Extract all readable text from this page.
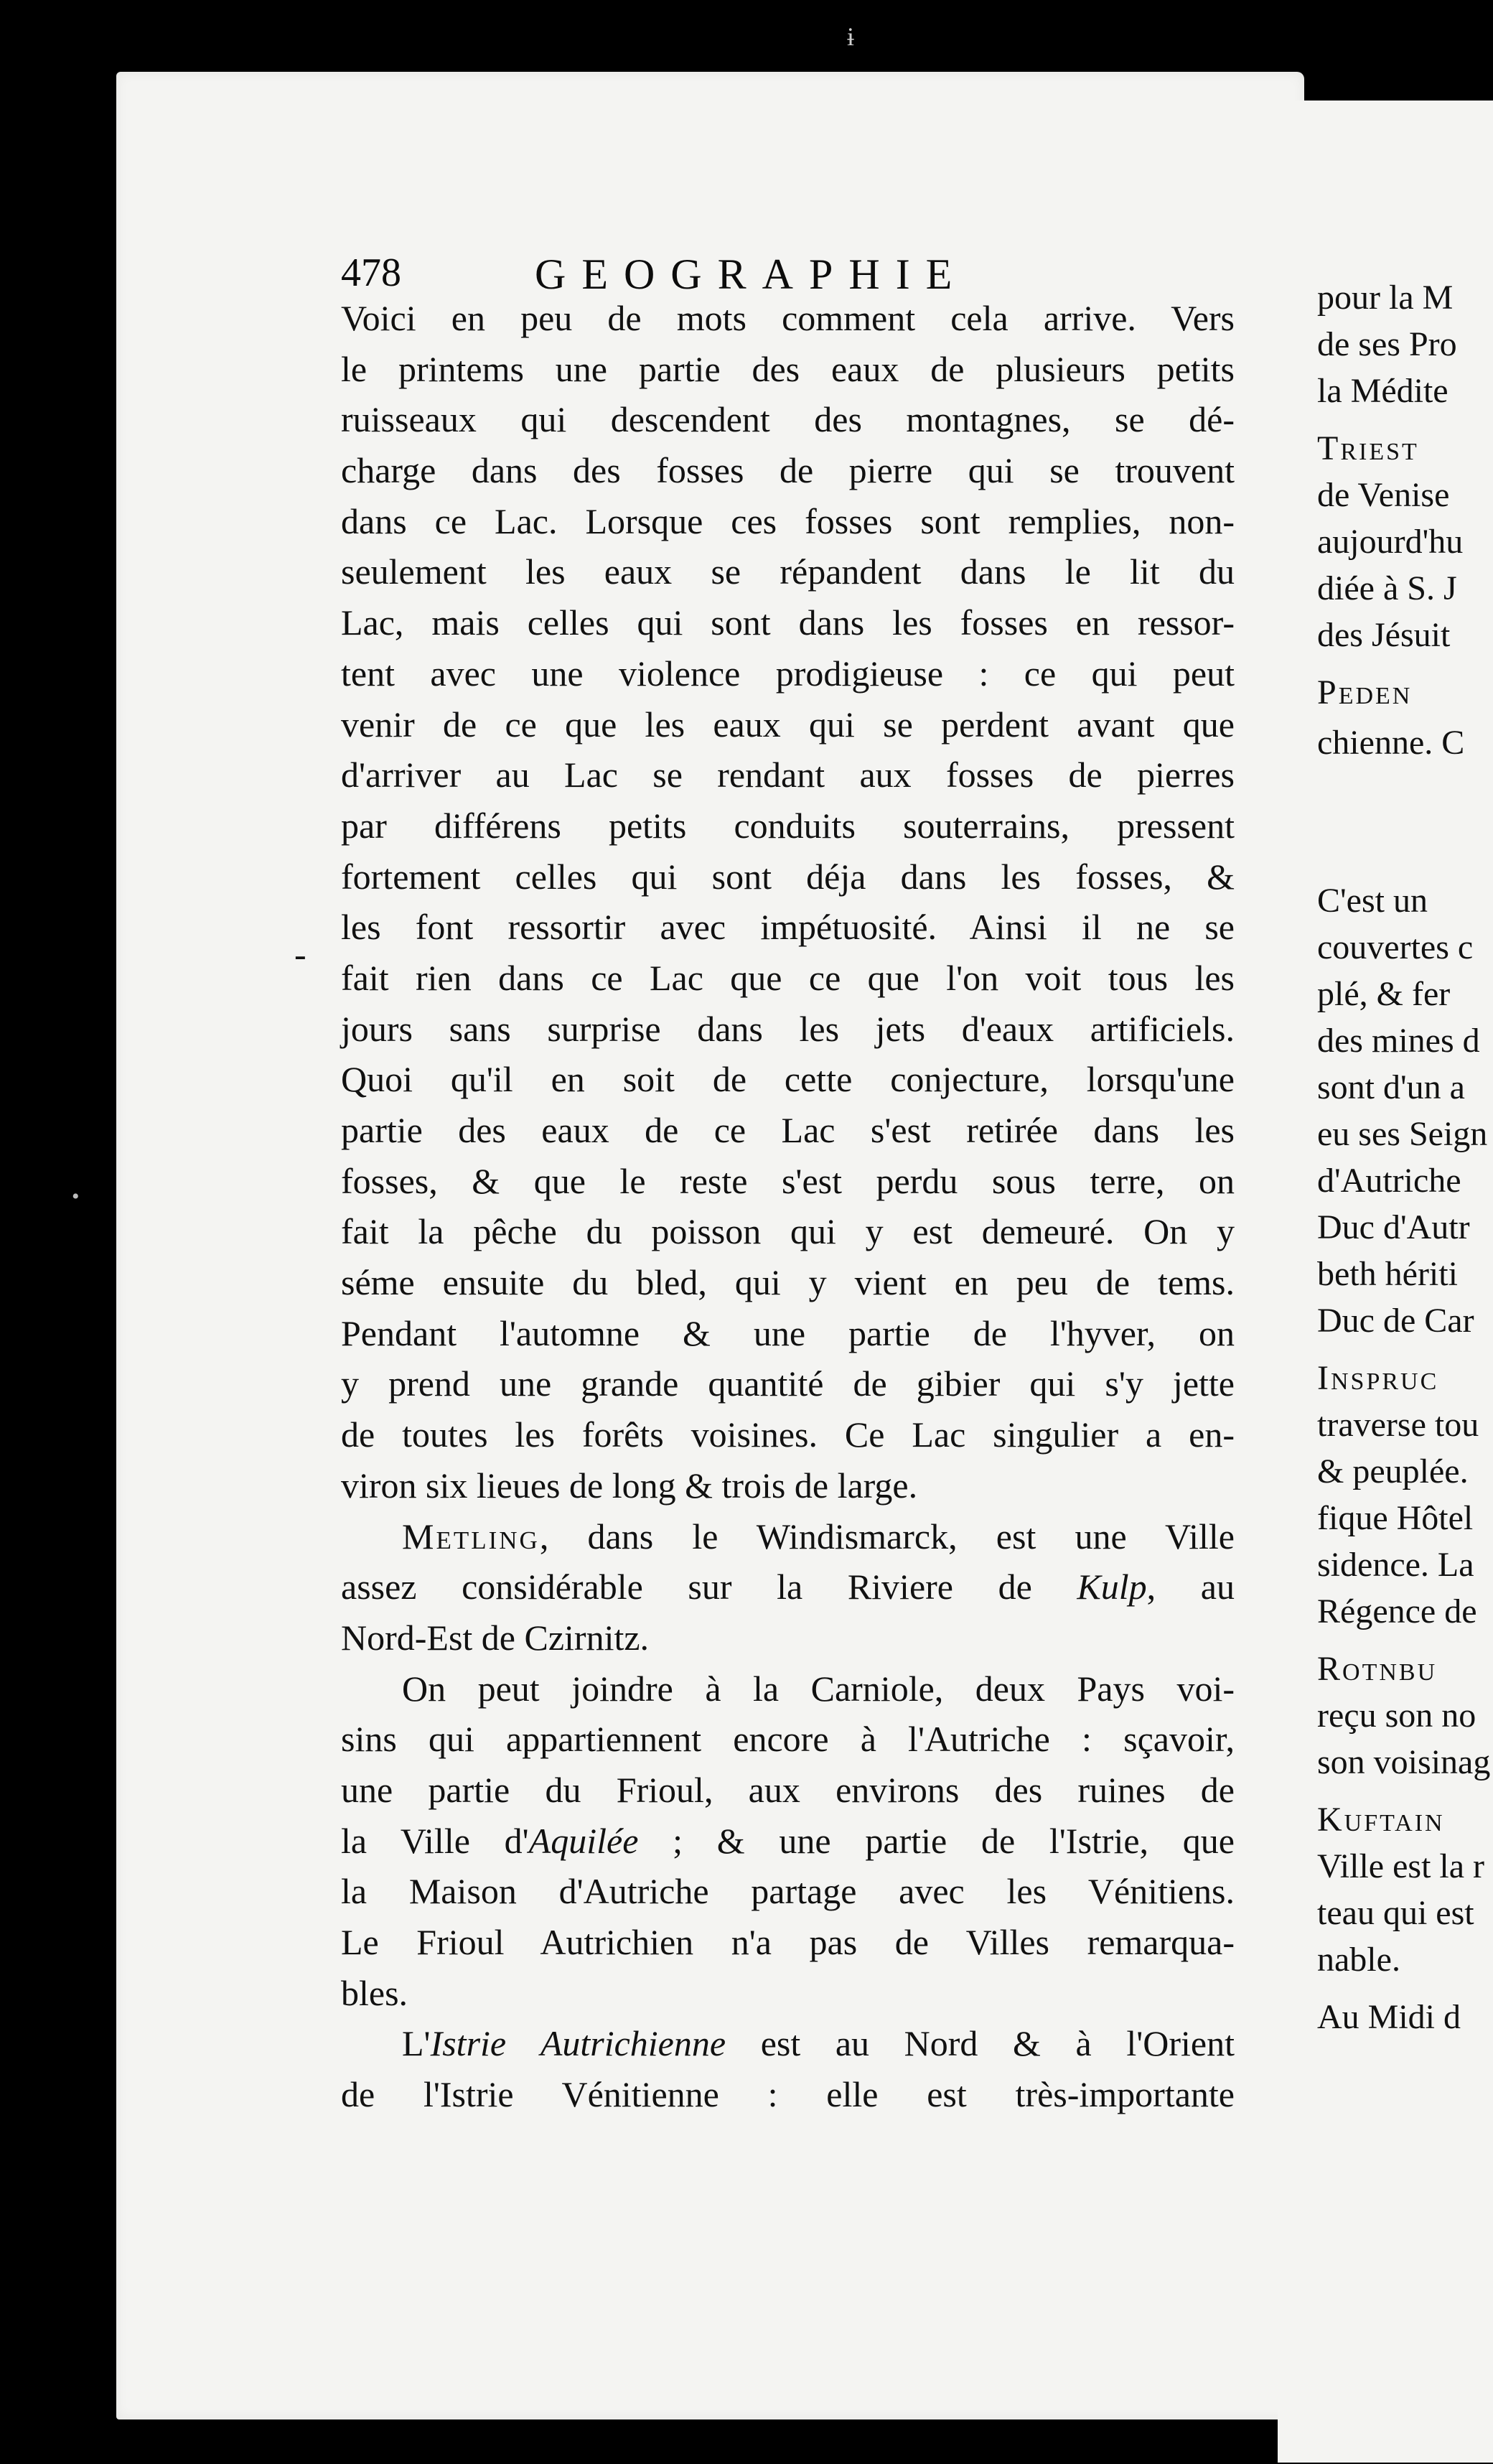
ɨ
•
478	GEOGRAPHIE
-
Voici en peu de mots comment cela arrive. Vers
le printems une partie des eaux de plusieurs petits
ruisseaux qui descendent des montagnes, se dé-
charge dans des fosses de pierre qui se trouvent
dans ce Lac. Lorsque ces fosses sont remplies, non-
seulement les eaux se répandent dans le lit du
Lac, mais celles qui sont dans les fosses en ressor-
tent avec une violence prodigieuse : ce qui peut
venir de ce que les eaux qui se perdent avant que
d'arriver au Lac se rendant aux fosses de pierres
par différens petits conduits souterrains, pressent
fortement celles qui sont déja dans les fosses, &
les font ressortir avec impétuosité. Ainsi il ne se
fait rien dans ce Lac que ce que l'on voit tous les
jours sans surprise dans les jets d'eaux artificiels.
Quoi qu'il en soit de cette conjecture, lorsqu'une
partie des eaux de ce Lac s'est retirée dans les
fosses, & que le reste s'est perdu sous terre, on
fait la pêche du poisson qui y est demeuré. On y
séme ensuite du bled, qui y vient en peu de tems.
Pendant l'automne & une partie de l'hyver, on
y prend une grande quantité de gibier qui s'y jette
de toutes les forêts voisines. Ce Lac singulier a en-
viron six lieues de long & trois de large.
Metling, dans le Windismarck, est une Ville
assez considérable sur la Riviere de Kulp, au
Nord-Est de Czirnitz.
On peut joindre à la Carniole, deux Pays voi-
sins qui appartiennent encore à l'Autriche : sçavoir,
une partie du Frioul, aux environs des ruines de
la Ville d'Aquilée ; & une partie de l'Istrie, que
la Maison d'Autriche partage avec les Vénitiens.
Le Frioul Autrichien n'a pas de Villes remarqua-
bles.
L'Istrie Autrichienne est au Nord & à l'Orient
de l'Istrie Vénitienne : elle est très-importante
pour la M
de ses Pro
la Médite
Triest
de Venise
aujourd'hu
diée à S. J
des Jésuit
Peden
chienne. C
C'est un
couvertes c
plé, & fer
des mines d
sont d'un a
eu ses Seign
d'Autriche
Duc d'Autr
beth hériti
Duc de Car
Inspruc
traverse tou
& peuplée.
fique Hôtel
sidence. La
Régence de
Rotnbu
reçu son no
son voisinag
Kuftain
Ville est la r
teau qui est
nable.
Au Midi d
